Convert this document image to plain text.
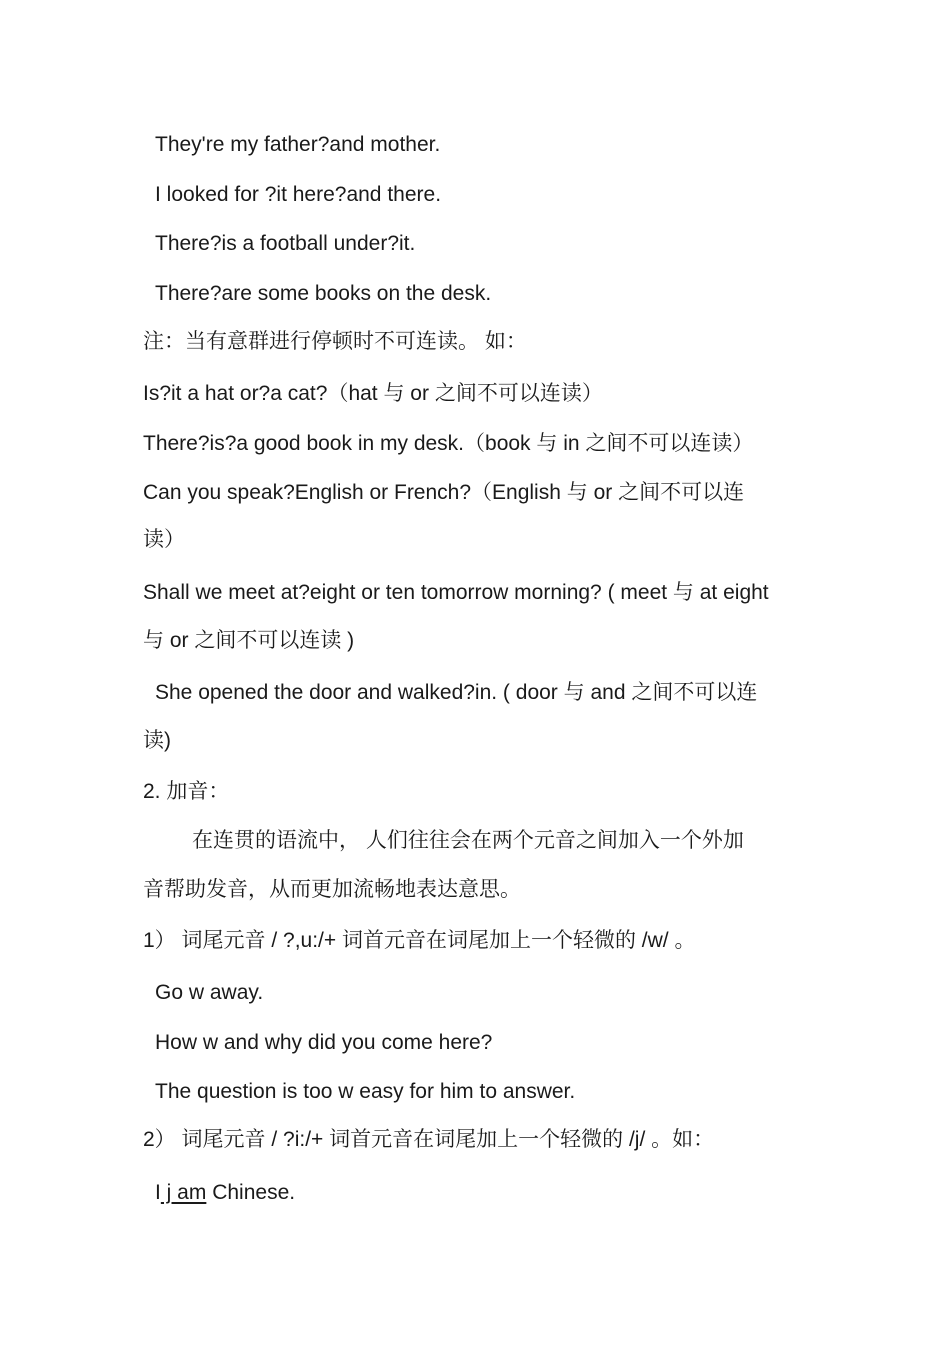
They're my father?and mother.
I looked for ?it here?and there.
There?is a football under?it.
There?are some books on the desk.
注：当有意群进行停顿时不可连读。 如：
Is?it a hat or?a cat?（hat 与 or 之间不可以连读）
There?is?a good book in my desk.（book 与 in 之间不可以连读）
Can you speak?English or French?（English 与 or 之间不可以连
读）
Shall we meet at?eight or ten tomorrow morning? ( meet 与 at eight
与 or 之间不可以连读 )
She opened the door and walked?in. ( door 与 and 之间不可以连
读)
2. 加音：
在连贯的语流中， 人们往往会在两个元音之间加入一个外加
音帮助发音，从而更加流畅地表达意思。
1） 词尾元音 / ?,u:/+ 词首元音在词尾加上一个轻微的 /w/ 。
Go w away.
How w and why did you come here?
The question is too w easy for him to answer.
2） 词尾元音 / ?i:/+ 词首元音在词尾加上一个轻微的 /j/ 。如：
I j am Chinese.
